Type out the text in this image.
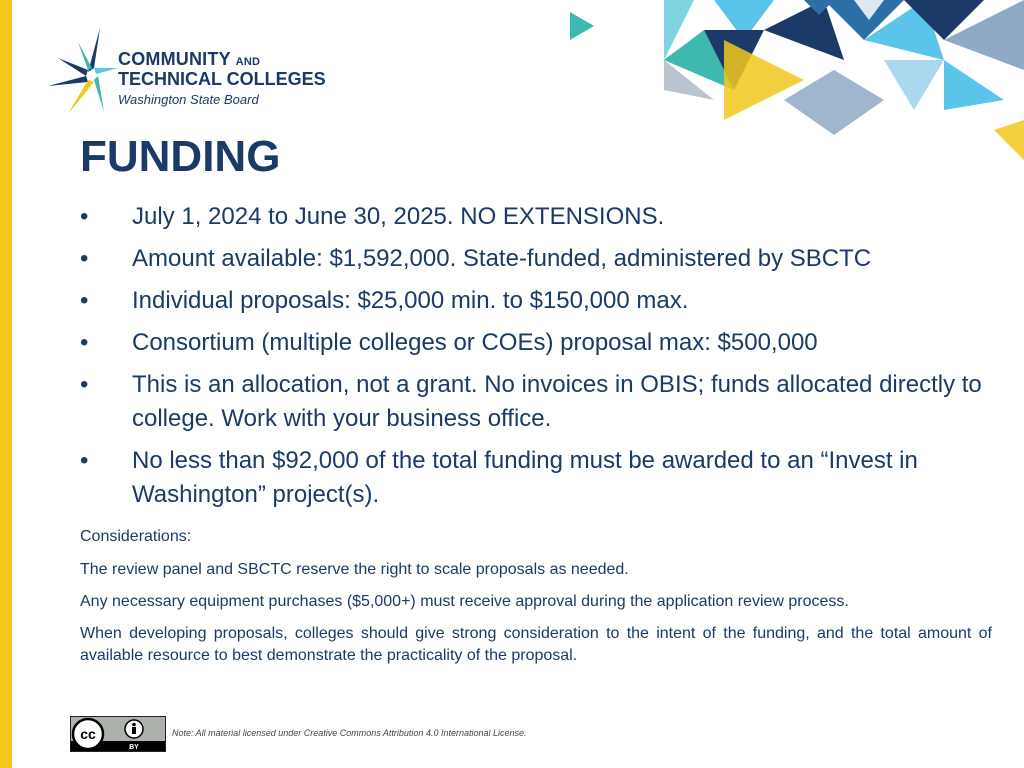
COMMUNITY AND
TECHNICAL COLLEGES
Washington State Board
FUNDING
• July 1, 2024 to June 30, 2025. NO EXTENSIONS.
• Amount available: $1,592,000. State-funded, administered by SBCTC
• Individual proposals: $25,000 min. to $150,000 max.
• Consortium (multiple colleges or COEs) proposal max: $500,000
• This is an allocation, not a grant. No invoices in OBIS; funds allocated directly to college. Work with your business office.
• No less than $92,000 of the total funding must be awarded to an “Invest in Washington” project(s).

Considerations:

The review panel and SBCTC reserve the right to scale proposals as needed.

Any necessary equipment purchases ($5,000+) must receive approval during the application review process.

When developing proposals, colleges should give strong consideration to the intent of the funding, and the total amount of available resource to best demonstrate the practicality of the proposal.

cc
BY
Note: All material licensed under Creative Commons Attribution 4.0 International License.
